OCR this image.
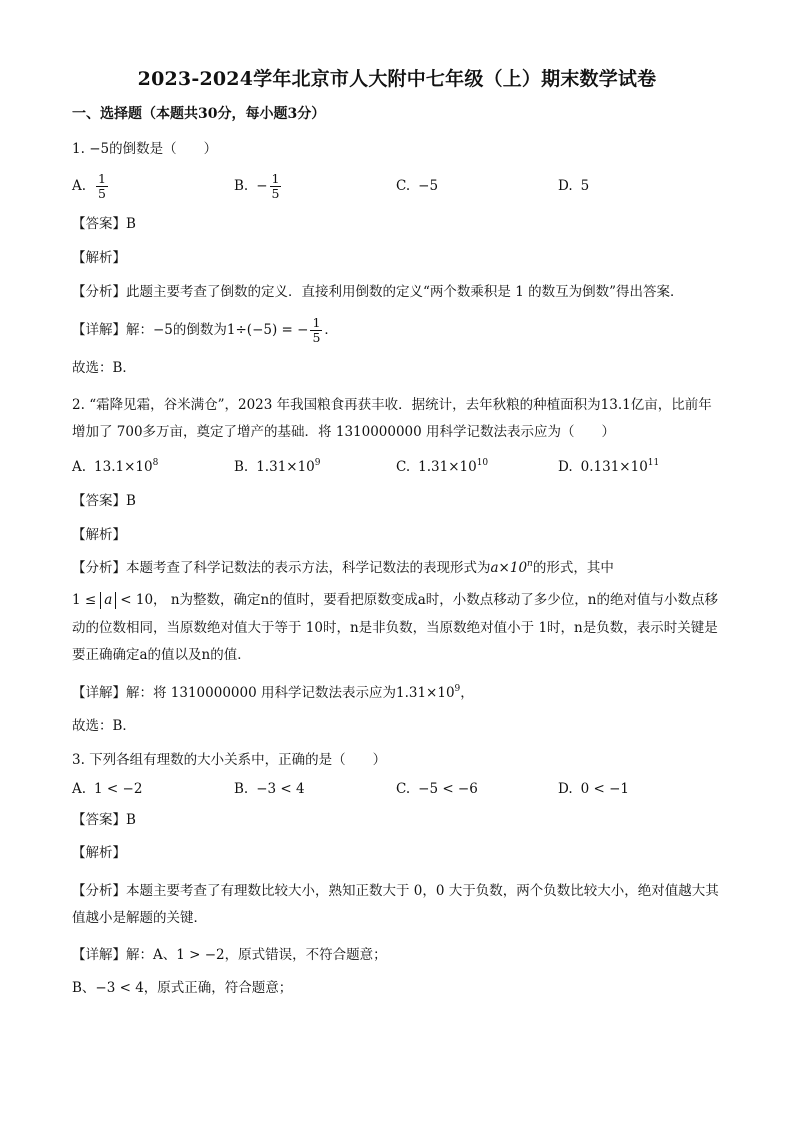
2023-2024学年北京市人大附中七年级（上）期末数学试卷
一、选择题（本题共30分，每小题3分）

1. −5的倒数是（　　）

A. $\frac{1}{5}$	B. − $\frac{1}{5}$	C. −5	D. 5

【答案】B

【解析】

【分析】此题主要考查了倒数的定义．直接利用倒数的定义“两个数乘积是 1 的数互为倒数”得出答案．

【详解】 解： −5的倒数为1÷(−5) = − $\frac{1}{5}$ ．

故选：B．

2. “霜降见霜，谷米满仓”，2023 年我国粮食再获丰收．据统计，去年秋粮的种植面积为13.1亿亩，比前年增加了 700多万亩，奠定了增产的基础．将 1310000000 用科学记数法表示应为（　　）

A. $13.1\times 10^8$	B. $1.31\times 10^9$	C. $1.31\times 10^{10}$	D. $0.131\times 10^{11}$

【答案】B

【解析】

【分析】本题考查了科学记数法的表示方法，科学记数法的表现形式为$a\times 10^n$的形式，其中

1 ≤ a < 10， n为整数，确定n的值时，要看把原数变成a时，小数点移动了多少位，n的绝对值与小数点移动的位数相同，当原数绝对值大于等于 10时，n是非负数，当原数绝对值小于 1时，n是负数，表示时关键是要正确确定a的值以及n的值．

【详解】解：将 1310000000 用科学记数法表示应为$1.31\times 10^9$，

故选：B．

3. 下列各组有理数的大小关系中，正确的是（　　）

A. 1 < −2	B. −3 < 4	C. −5 < −6	D. 0 < −1

【答案】B

【解析】

【分析】本题主要考查了有理数比较大小，熟知正数大于 0，0 大于负数，两个负数比较大小，绝对值越大其值越小是解题的关键．

【详解】解：A、1 > −2，原式错误，不符合题意；

B、−3 < 4，原式正确，符合题意；
